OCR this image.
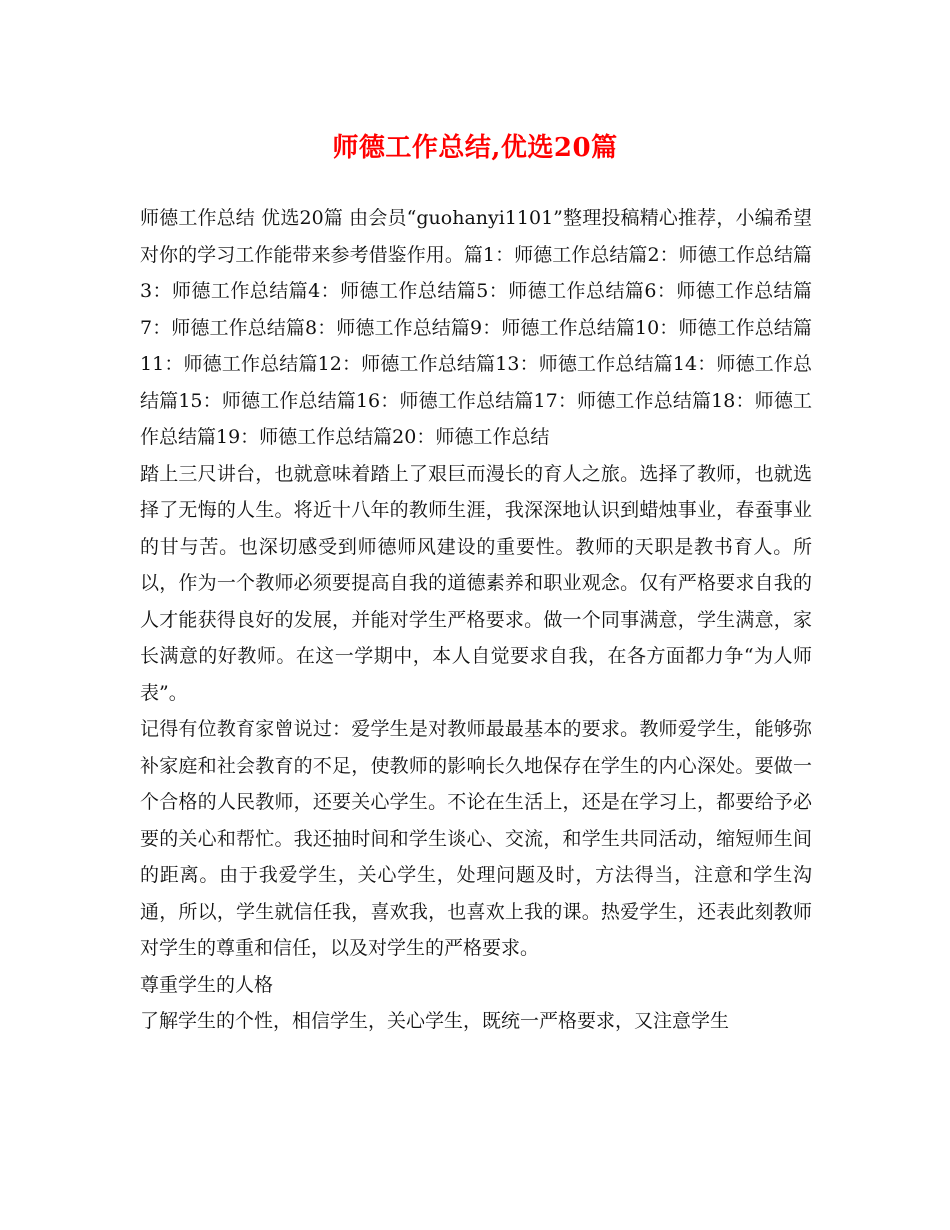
师德工作总结,优选20篇

师德工作总结 优选20篇 由会员“guohanyi1101”整理投稿精心推荐，小编希望对你的学习工作能带来参考借鉴作用。篇1：师德工作总结篇2：师德工作总结篇3：师德工作总结篇4：师德工作总结篇5：师德工作总结篇6：师德工作总结篇7：师德工作总结篇8：师德工作总结篇9：师德工作总结篇10：师德工作总结篇11：师德工作总结篇12：师德工作总结篇13：师德工作总结篇14：师德工作总结篇15：师德工作总结篇16：师德工作总结篇17：师德工作总结篇18：师德工作总结篇19：师德工作总结篇20：师德工作总结

踏上三尺讲台，也就意味着踏上了艰巨而漫长的育人之旅。选择了教师，也就选择了无悔的人生。将近十八年的教师生涯，我深深地认识到蜡烛事业，春蚕事业的甘与苦。也深切感受到师德师风建设的重要性。教师的天职是教书育人。所以，作为一个教师必须要提高自我的道德素养和职业观念。仅有严格要求自我的人才能获得良好的发展，并能对学生严格要求。做一个同事满意，学生满意，家长满意的好教师。在这一学期中，本人自觉要求自我，在各方面都力争“为人师表”。

记得有位教育家曾说过：爱学生是对教师最最基本的要求。教师爱学生，能够弥补家庭和社会教育的不足，使教师的影响长久地保存在学生的内心深处。要做一个合格的人民教师，还要关心学生。不论在生活上，还是在学习上，都要给予必要的关心和帮忙。我还抽时间和学生谈心、交流，和学生共同活动，缩短师生间的距离。由于我爱学生，关心学生，处理问题及时，方法得当，注意和学生沟通，所以，学生就信任我，喜欢我，也喜欢上我的课。热爱学生，还表此刻教师对学生的尊重和信任，以及对学生的严格要求。

尊重学生的人格

了解学生的个性，相信学生，关心学生，既统一严格要求，又注意学生
